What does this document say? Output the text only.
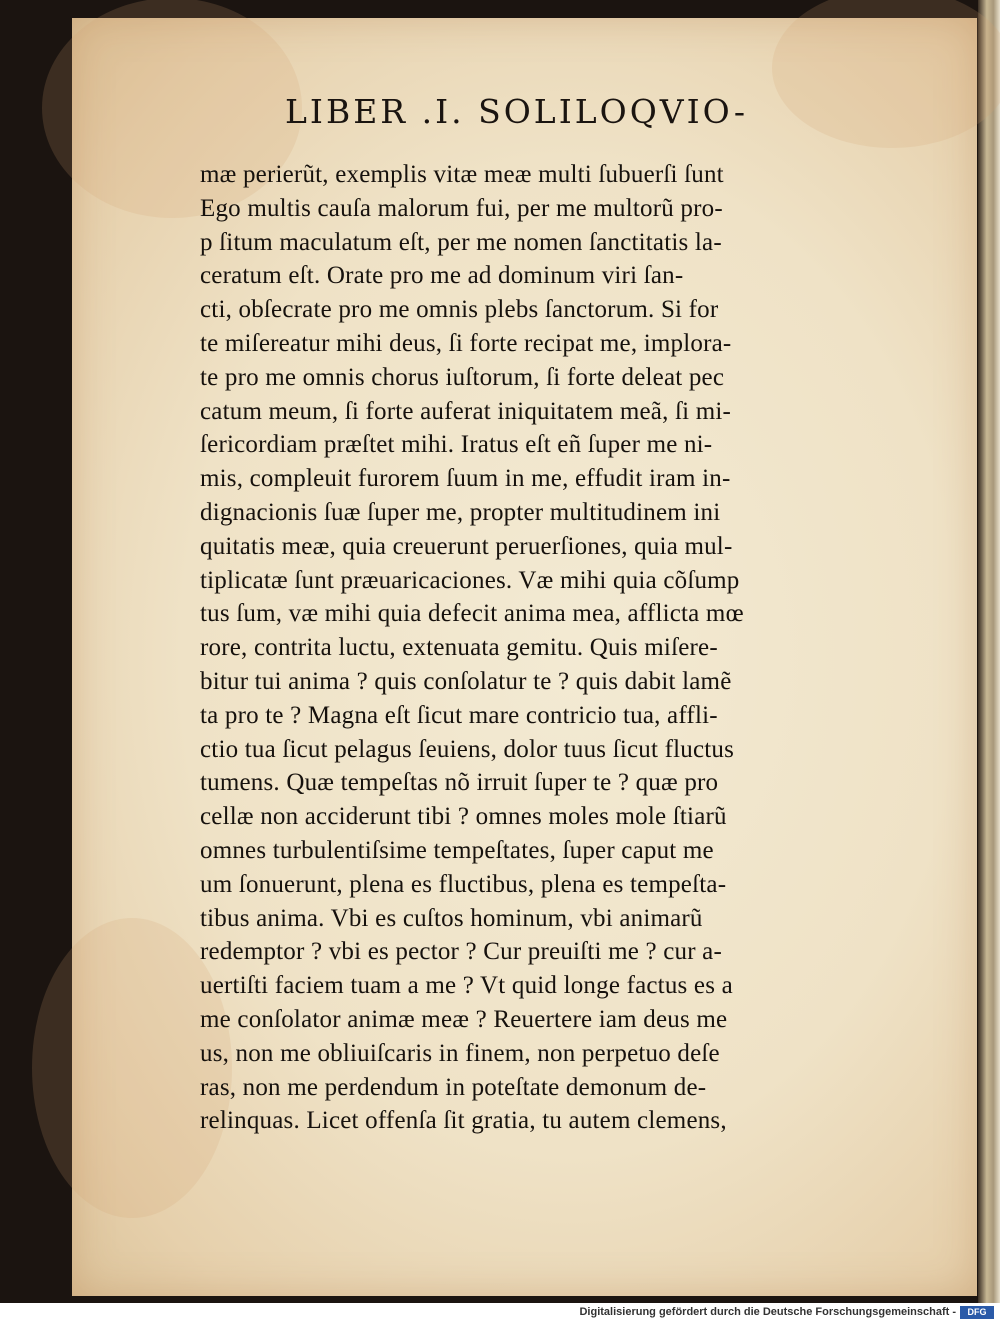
LIBER .I. SOLILOQVIO-
mæ perierũt, exemplis vitæ meæ multi ſubuerſi ſunt
Ego multis cauſa malorum fui, per me multorũ pro-
p ſitum maculatum eſt, per me nomen ſanctitatis la-
ceratum eſt. Orate pro me ad dominum viri ſan-
cti, obſecrate pro me omnis plebs ſanctorum. Si for
te miſereatur mihi deus, ſi forte recipat me, implora-
te pro me omnis chorus iuſtorum, ſi forte deleat pec
catum meum, ſi forte auferat iniquitatem meã, ſi mi-
ſericordiam præſtet mihi. Iratus eſt eñ ſuper me ni-
mis, compleuit furorem ſuum in me, effudit iram in-
dignacionis ſuæ ſuper me, propter multitudinem ini
quitatis meæ, quia creuerunt peruerſiones, quia mul-
tiplicatæ ſunt præuaricaciones. Væ mihi quia cõſump
tus ſum, væ mihi quia defecit anima mea, afflicta mœ
rore, contrita luctu, extenuata gemitu. Quis miſere-
bitur tui anima ? quis conſolatur te ? quis dabit lamẽ
ta pro te ? Magna eſt ſicut mare contricio tua, affli-
ctio tua ſicut pelagus ſeuiens, dolor tuus ſicut fluctus
tumens. Quæ tempeſtas nõ irruit ſuper te ? quæ pro
cellæ non acciderunt tibi ? omnes moles mole ſtiarũ
omnes turbulentiſsime tempeſtates, ſuper caput me
um ſonuerunt, plena es fluctibus, plena es tempeſta-
tibus anima. Vbi es cuſtos hominum, vbi animarũ
redemptor ? vbi es pector ? Cur preuiſti me ? cur a-
uertiſti faciem tuam a me ? Vt quid longe factus es a
me conſolator animæ meæ ? Reuertere iam deus me
us, non me obliuiſcaris in finem, non perpetuo deſe
ras, non me perdendum in poteſtate demonum de-
relinquas. Licet offenſa ſit gratia, tu autem clemens,
Digitalisierung gefördert durch die Deutsche Forschungsgemeinschaft -	DFG
